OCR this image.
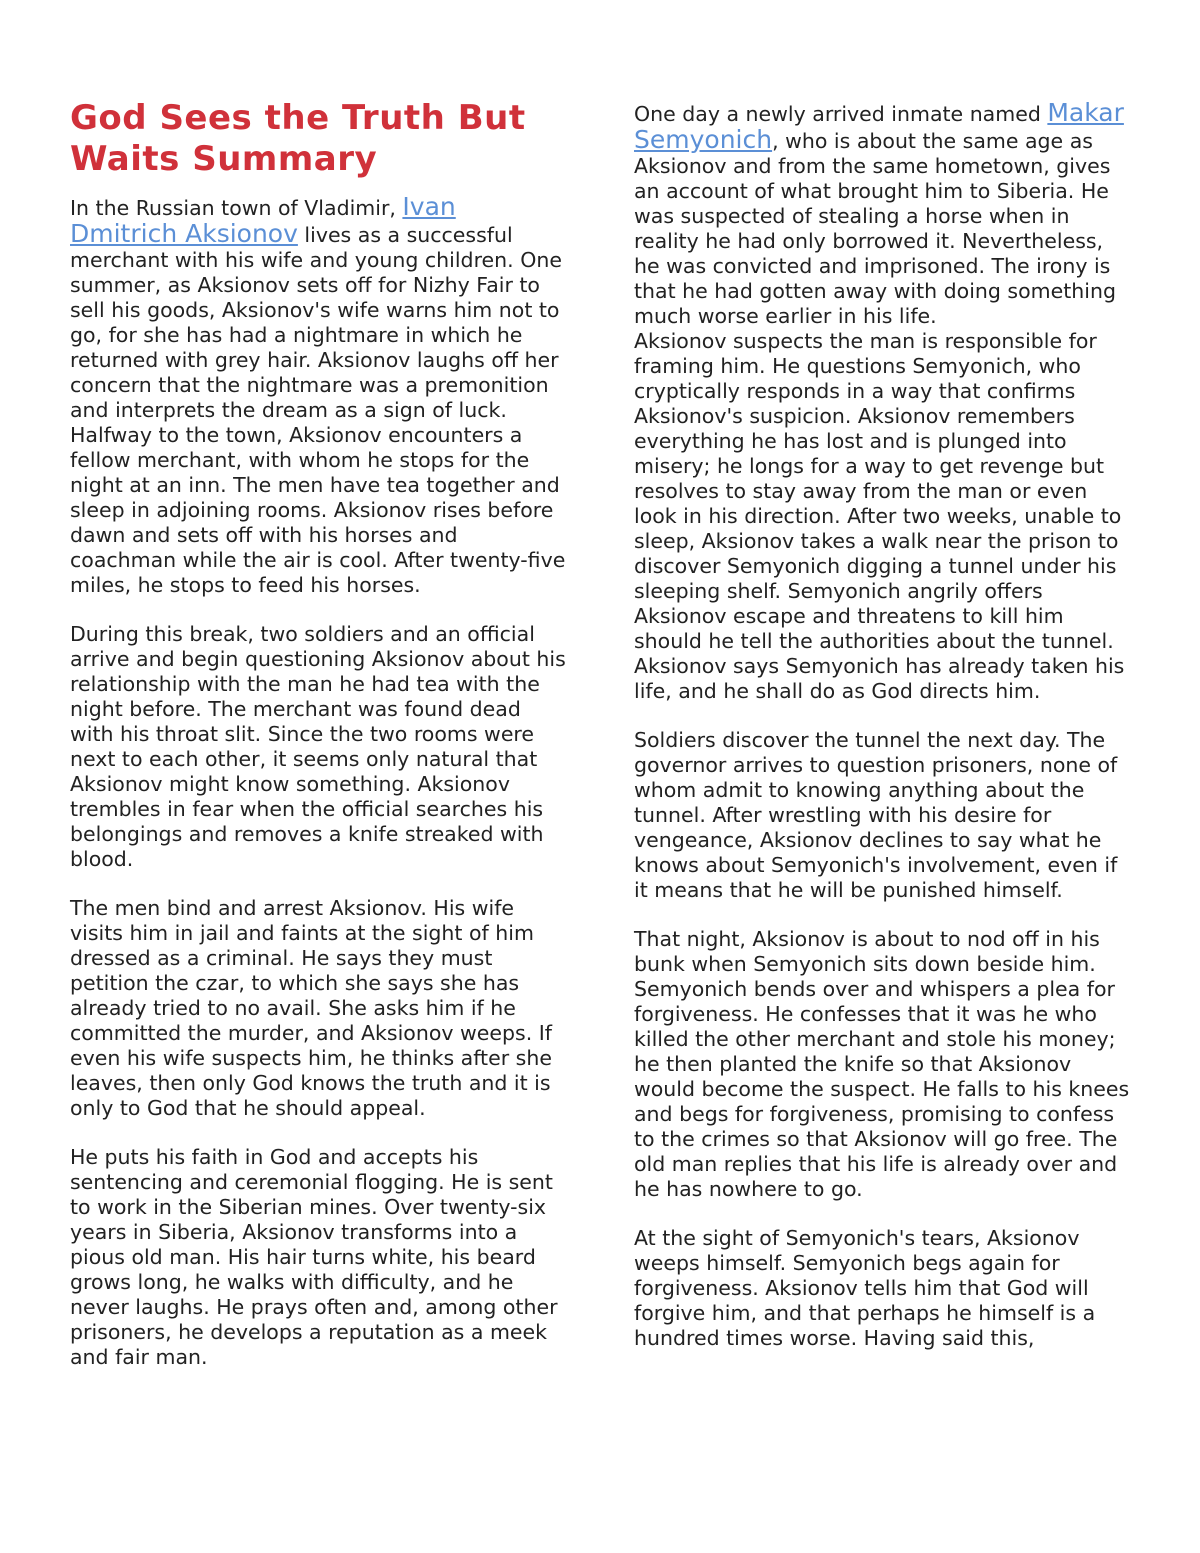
God Sees the Truth But Waits Summary

In the Russian town of Vladimir, Ivan Dmitrich Aksionov lives as a successful merchant with his wife and young children. One summer, as Aksionov sets off for Nizhy Fair to sell his goods, Aksionov's wife warns him not to go, for she has had a nightmare in which he returned with grey hair. Aksionov laughs off her concern that the nightmare was a premonition and interprets the dream as a sign of luck.

Halfway to the town, Aksionov encounters a fellow merchant, with whom he stops for the night at an inn. The men have tea together and sleep in adjoining rooms. Aksionov rises before dawn and sets off with his horses and coachman while the air is cool. After twenty-five miles, he stops to feed his horses.

During this break, two soldiers and an official arrive and begin questioning Aksionov about his relationship with the man he had tea with the night before. The merchant was found dead with his throat slit. Since the two rooms were next to each other, it seems only natural that Aksionov might know something. Aksionov trembles in fear when the official searches his belongings and removes a knife streaked with blood.

The men bind and arrest Aksionov. His wife visits him in jail and faints at the sight of him dressed as a criminal. He says they must petition the czar, to which she says she has already tried to no avail. She asks him if he committed the murder, and Aksionov weeps. If even his wife suspects him, he thinks after she leaves, then only God knows the truth and it is only to God that he should appeal.

He puts his faith in God and accepts his sentencing and ceremonial flogging. He is sent to work in the Siberian mines. Over twenty-six years in Siberia, Aksionov transforms into a pious old man. His hair turns white, his beard grows long, he walks with difficulty, and he never laughs. He prays often and, among other prisoners, he develops a reputation as a meek and fair man.

One day a newly arrived inmate named Makar Semyonich, who is about the same age as Aksionov and from the same hometown, gives an account of what brought him to Siberia. He was suspected of stealing a horse when in reality he had only borrowed it. Nevertheless, he was convicted and imprisoned. The irony is that he had gotten away with doing something much worse earlier in his life.

Aksionov suspects the man is responsible for framing him. He questions Semyonich, who cryptically responds in a way that confirms Aksionov's suspicion. Aksionov remembers everything he has lost and is plunged into misery; he longs for a way to get revenge but resolves to stay away from the man or even look in his direction. After two weeks, unable to sleep, Aksionov takes a walk near the prison to discover Semyonich digging a tunnel under his sleeping shelf. Semyonich angrily offers Aksionov escape and threatens to kill him should he tell the authorities about the tunnel. Aksionov says Semyonich has already taken his life, and he shall do as God directs him.

Soldiers discover the tunnel the next day. The governor arrives to question prisoners, none of whom admit to knowing anything about the tunnel. After wrestling with his desire for vengeance, Aksionov declines to say what he knows about Semyonich's involvement, even if it means that he will be punished himself.

That night, Aksionov is about to nod off in his bunk when Semyonich sits down beside him. Semyonich bends over and whispers a plea for forgiveness. He confesses that it was he who killed the other merchant and stole his money; he then planted the knife so that Aksionov would become the suspect. He falls to his knees and begs for forgiveness, promising to confess to the crimes so that Aksionov will go free. The old man replies that his life is already over and he has nowhere to go.

At the sight of Semyonich's tears, Aksionov weeps himself. Semyonich begs again for forgiveness. Aksionov tells him that God will forgive him, and that perhaps he himself is a hundred times worse. Having said this,
